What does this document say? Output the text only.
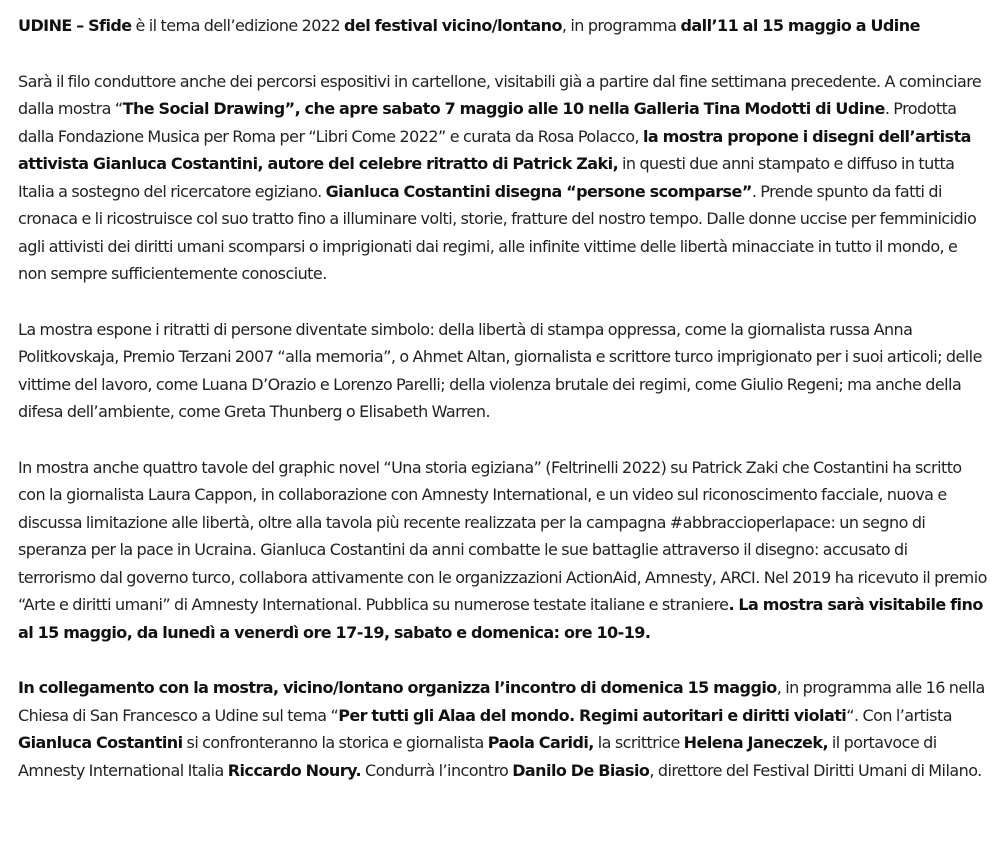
UDINE – Sfide è il tema dell’edizione 2022 del festival vicino/lontano, in programma dall’11 al 15 maggio a Udine

Sarà il filo conduttore anche dei percorsi espositivi in cartellone, visitabili già a partire dal fine settimana precedente. A cominciare dalla mostra “The Social Drawing”, che apre sabato 7 maggio alle 10 nella Galleria Tina Modotti di Udine. Prodotta dalla Fondazione Musica per Roma per “Libri Come 2022” e curata da Rosa Polacco, la mostra propone i disegni dell’artista attivista Gianluca Costantini, autore del celebre ritratto di Patrick Zaki, in questi due anni stampato e diffuso in tutta Italia a sostegno del ricercatore egiziano. Gianluca Costantini disegna “persone scomparse”. Prende spunto da fatti di cronaca e li ricostruisce col suo tratto fino a illuminare volti, storie, fratture del nostro tempo. Dalle donne uccise per femminicidio agli attivisti dei diritti umani scomparsi o imprigionati dai regimi, alle infinite vittime delle libertà minacciate in tutto il mondo, e non sempre sufficientemente conosciute.

La mostra espone i ritratti di persone diventate simbolo: della libertà di stampa oppressa, come la giornalista russa Anna Politkovskaja, Premio Terzani 2007 “alla memoria”, o Ahmet Altan, giornalista e scrittore turco imprigionato per i suoi articoli; delle vittime del lavoro, come Luana D’Orazio e Lorenzo Parelli; della violenza brutale dei regimi, come Giulio Regeni; ma anche della difesa dell’ambiente, come Greta Thunberg o Elisabeth Warren.

In mostra anche quattro tavole del graphic novel “Una storia egiziana” (Feltrinelli 2022) su Patrick Zaki che Costantini ha scritto con la giornalista Laura Cappon, in collaborazione con Amnesty International, e un video sul riconoscimento facciale, nuova e discussa limitazione alle libertà, oltre alla tavola più recente realizzata per la campagna #abbraccioperlapace: un segno di speranza per la pace in Ucraina. Gianluca Costantini da anni combatte le sue battaglie attraverso il disegno: accusato di terrorismo dal governo turco, collabora attivamente con le organizzazioni ActionAid, Amnesty, ARCI. Nel 2019 ha ricevuto il premio “Arte e diritti umani” di Amnesty International. Pubblica su numerose testate italiane e straniere. La mostra sarà visitabile fino al 15 maggio, da lunedì a venerdì ore 17-19, sabato e domenica: ore 10-19.

In collegamento con la mostra, vicino/lontano organizza l’incontro di domenica 15 maggio, in programma alle 16 nella Chiesa di San Francesco a Udine sul tema “Per tutti gli Alaa del mondo. Regimi autoritari e diritti violati“. Con l’artista Gianluca Costantini si confronteranno la storica e giornalista Paola Caridi, la scrittrice Helena Janeczek, il portavoce di Amnesty International Italia Riccardo Noury. Condurrà l’incontro Danilo De Biasio, direttore del Festival Diritti Umani di Milano.
